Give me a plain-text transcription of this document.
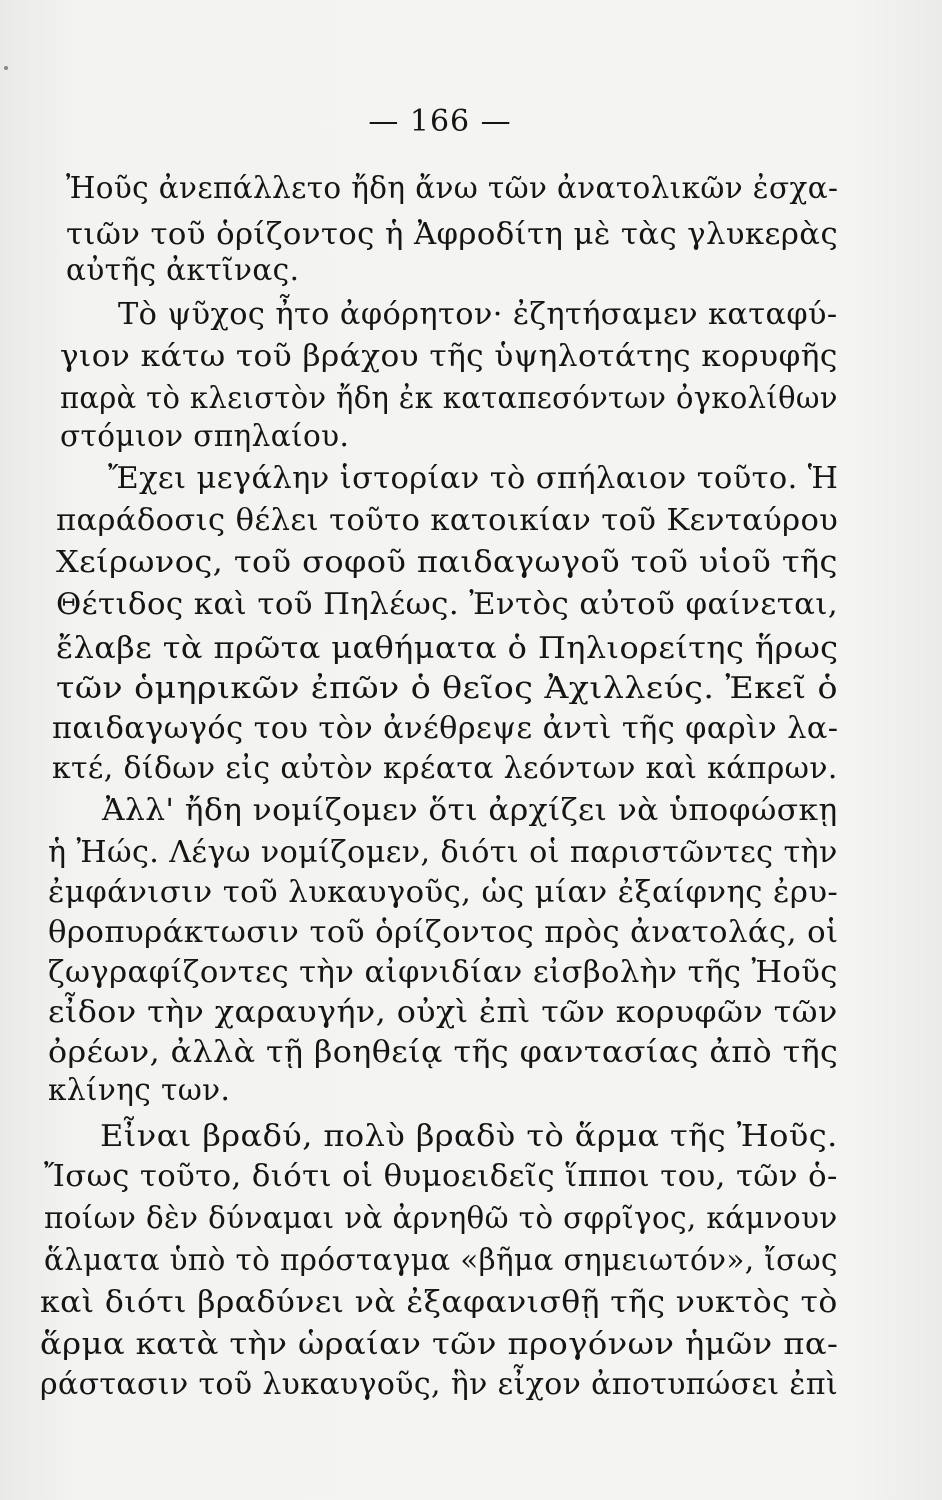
— 166 —
Ἠοῦς ἀνεπάλλετο ἤδη ἄνω τῶν ἀνατολικῶν ἐσχα-
τιῶν τοῦ ὁρίζοντος ἡ Ἀφροδίτη μὲ τὰς γλυκερὰς
αὐτῆς ἀκτῖνας.
Τὸ ψῦχος ἦτο ἀφόρητον· ἐζητήσαμεν καταφύ-
γιον κάτω τοῦ βράχου τῆς ὑψηλοτάτης κορυφῆς
παρὰ τὸ κλειστὸν ἤδη ἐκ καταπεσόντων ὀγκολίθων
στόμιον σπηλαίου.
Ἔχει μεγάλην ἱστορίαν τὸ σπήλαιον τοῦτο. Ἡ
παράδοσις θέλει τοῦτο κατοικίαν τοῦ Κενταύρου
Χείρωνος, τοῦ σοφοῦ παιδαγωγοῦ τοῦ υἱοῦ τῆς
Θέτιδος καὶ τοῦ Πηλέως. Ἐντὸς αὐτοῦ φαίνεται,
ἔλαβε τὰ πρῶτα μαθήματα ὁ Πηλιορείτης ἥρως
τῶν ὁμηρικῶν ἐπῶν ὁ θεῖος Ἀχιλλεύς. Ἐκεῖ ὁ
παιδαγωγός του τὸν ἀνέθρεψε ἀντὶ τῆς φαρὶν λα-
κτέ, δίδων εἰς αὐτὸν κρέατα λεόντων καὶ κάπρων.
Ἀλλ' ἤδη νομίζομεν ὅτι ἀρχίζει νὰ ὑποφώσκῃ
ἡ Ἠώς. Λέγω νομίζομεν, διότι οἱ παριστῶντες τὴν
ἐμφάνισιν τοῦ λυκαυγοῦς, ὡς μίαν ἐξαίφνης ἐρυ-
θροπυράκτωσιν τοῦ ὁρίζοντος πρὸς ἀνατολάς, οἱ
ζωγραφίζοντες τὴν αἰφνιδίαν εἰσβολὴν τῆς Ἠοῦς
εἶδον τὴν χαραυγήν, οὐχὶ ἐπὶ τῶν κορυφῶν τῶν
ὀρέων, ἀλλὰ τῇ βοηθείᾳ τῆς φαντασίας ἀπὸ τῆς
κλίνης των.
Εἶναι βραδύ, πολὺ βραδὺ τὸ ἅρμα τῆς Ἠοῦς.
Ἴσως τοῦτο, διότι οἱ θυμοειδεῖς ἵπποι του, τῶν ὁ-
ποίων δὲν δύναμαι νὰ ἀρνηθῶ τὸ σφρῖγος, κάμνουν
ἅλματα ὑπὸ τὸ πρόσταγμα «βῆμα σημειωτόν», ἴσως
καὶ διότι βραδύνει νὰ ἐξαφανισθῇ τῆς νυκτὸς τὸ
ἅρμα κατὰ τὴν ὡραίαν τῶν προγόνων ἡμῶν πα-
ράστασιν τοῦ λυκαυγοῦς, ἣν εἶχον ἀποτυπώσει ἐπὶ
